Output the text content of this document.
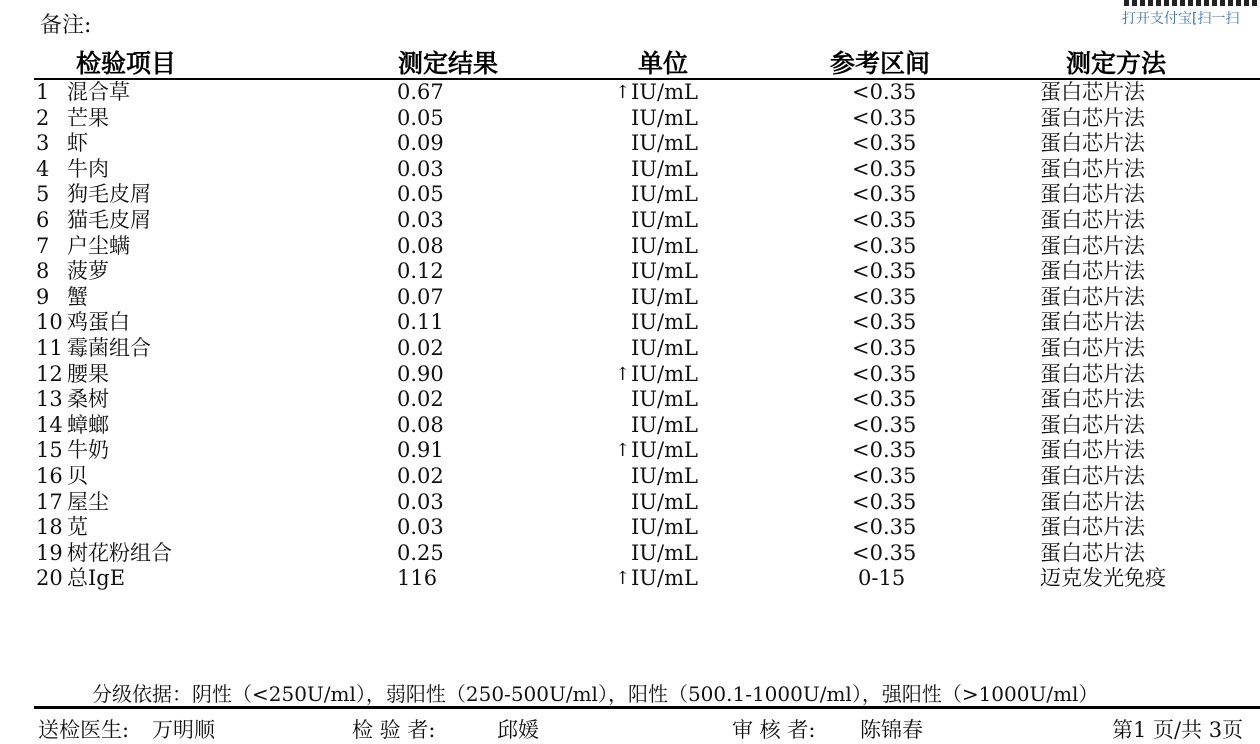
备注:	打开支付宝[扫一扫
检验项目	测定结果	单位	参考区间	测定方法
1 混合草	0.67	↑ IU/mL	<0.35	蛋白芯片法
2 芒果	0.05	IU/mL	<0.35	蛋白芯片法
3 虾	0.09	IU/mL	<0.35	蛋白芯片法
4 牛肉	0.03	IU/mL	<0.35	蛋白芯片法
5 狗毛皮屑	0.05	IU/mL	<0.35	蛋白芯片法
6 猫毛皮屑	0.03	IU/mL	<0.35	蛋白芯片法
7 户尘螨	0.08	IU/mL	<0.35	蛋白芯片法
8 菠萝	0.12	IU/mL	<0.35	蛋白芯片法
9 蟹	0.07	IU/mL	<0.35	蛋白芯片法
10 鸡蛋白	0.11	IU/mL	<0.35	蛋白芯片法
11 霉菌组合	0.02	IU/mL	<0.35	蛋白芯片法
12 腰果	0.90	↑ IU/mL	<0.35	蛋白芯片法
13 桑树	0.02	IU/mL	<0.35	蛋白芯片法
14 蟑螂	0.08	IU/mL	<0.35	蛋白芯片法
15 牛奶	0.91	↑ IU/mL	<0.35	蛋白芯片法
16 贝	0.02	IU/mL	<0.35	蛋白芯片法
17 屋尘	0.03	IU/mL	<0.35	蛋白芯片法
18 苋	0.03	IU/mL	<0.35	蛋白芯片法
19 树花粉组合	0.25	IU/mL	<0.35	蛋白芯片法
20 总IgE	116	↑ IU/mL	0-15	迈克发光免疫
分级依据：阴性（<250U/ml），弱阳性（250-500U/ml），阳性（500.1-1000U/ml），强阳性（>1000U/ml）
送检医生: 万明顺	检 验 者:	邱媛	审 核 者: 陈锦春	第1 页/共 3页
